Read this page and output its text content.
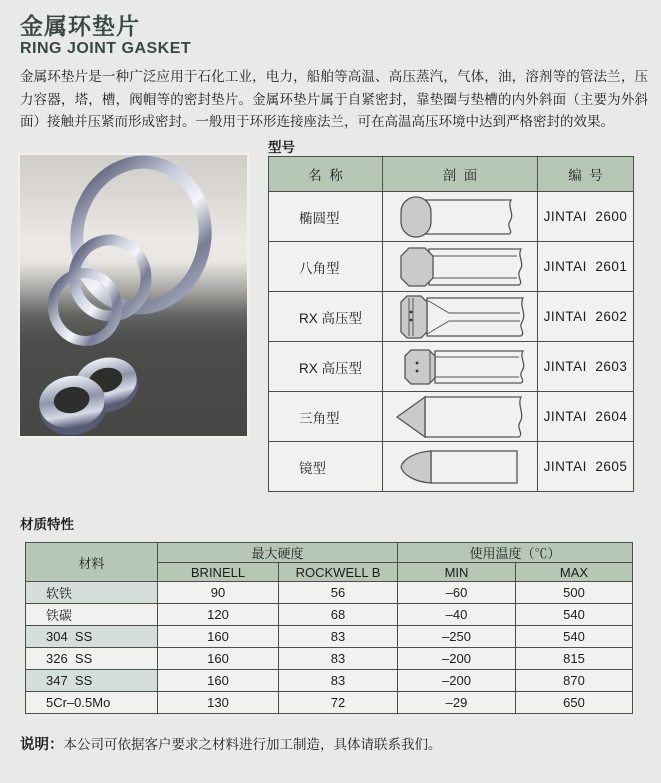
金属环垫片
RING JOINT GASKET
金属环垫片是一种广泛应用于石化工业，电力，船舶等高温、高压蒸汽，气体，油，溶剂等的管法兰，压力容器，塔，槽，阀帽等的密封垫片。金属环垫片属于自紧密封，靠垫圈与垫槽的内外斜面（主要为外斜面）接触并压紧而形成密封。一般用于环形连接座法兰，可在高温高压环境中达到严格密封的效果。
型号
名  称	剖  面	编  号
椭圆型		JINTAI  2600
八角型		JINTAI  2601
RX 高压型		JINTAI  2602
RX 高压型		JINTAI  2603
三角型		JINTAI  2604
镜型		JINTAI  2605
材质特性
材料	最大硬度		使用温度（℃）	
	BRINELL	ROCKWELL B	MIN	MAX
软铁	90	56	–60	500
铁碳	120	68	–40	540
304  SS	160	83	–250	540
326  SS	160	83	–200	815
347  SS	160	83	–200	870
5Cr–0.5Mo	130	72	–29	650
说明：本公司可依据客户要求之材料进行加工制造，具体请联系我们。
